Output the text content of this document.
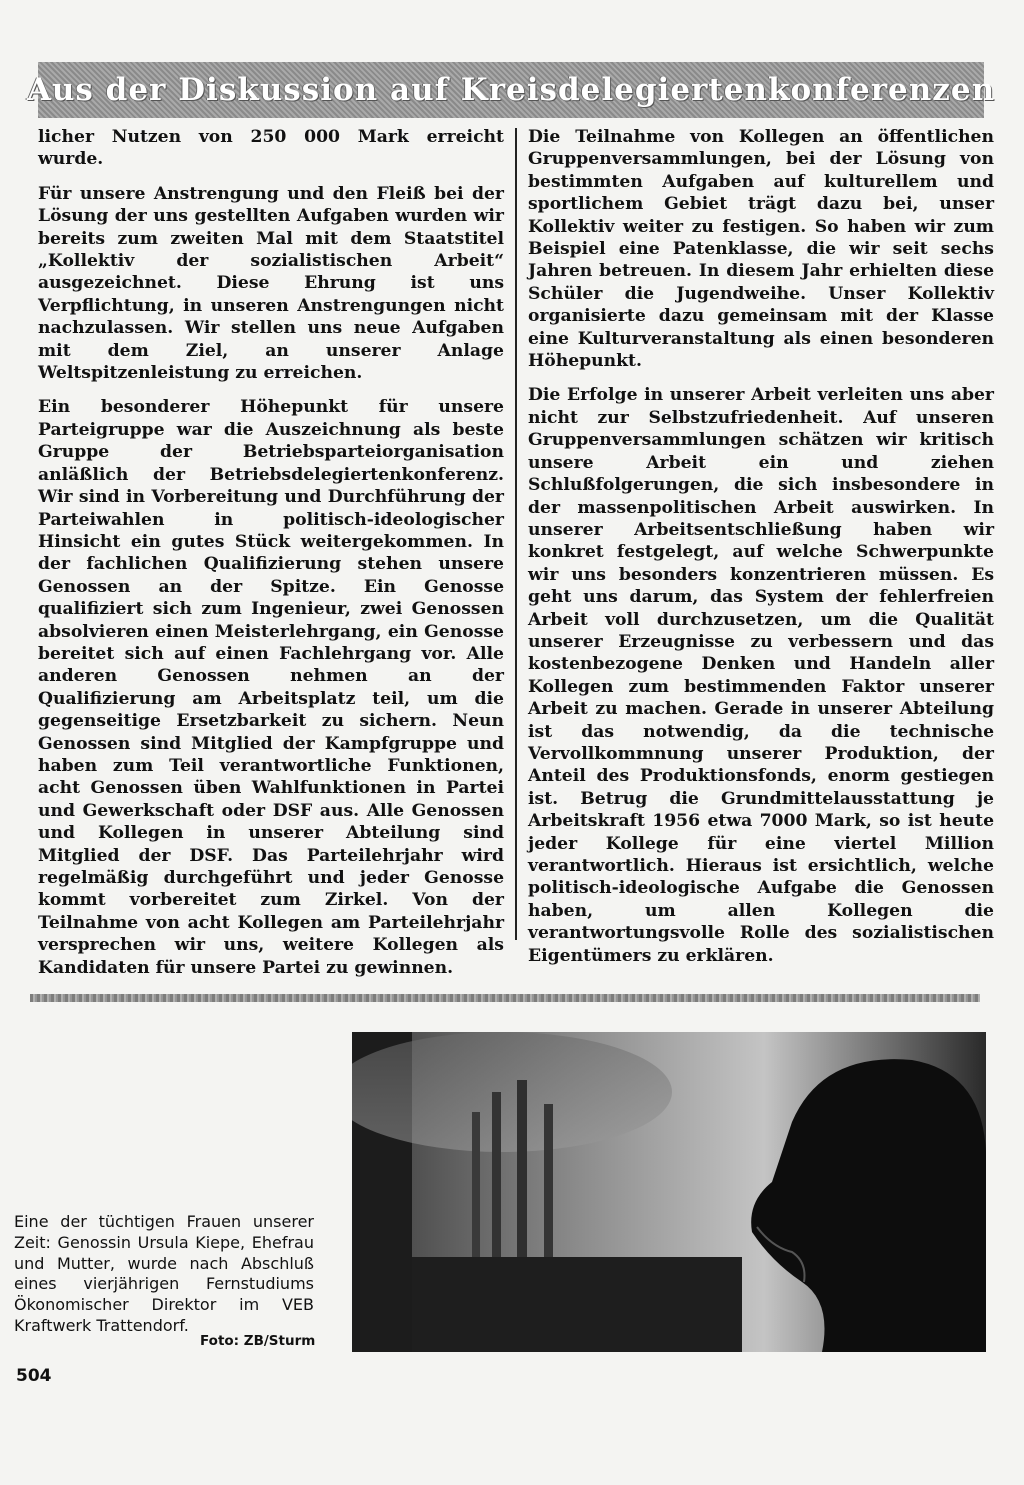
Aus der Diskussion auf Kreisdelegiertenkonferenzen

licher Nutzen von 250 000 Mark erreicht wurde.

Für unsere Anstrengung und den Fleiß bei der Lösung der uns gestellten Aufgaben wurden wir bereits zum zweiten Mal mit dem Staatstitel „Kollektiv der sozialistischen Arbeit“ ausgezeichnet. Diese Ehrung ist uns Verpflichtung, in unseren Anstrengungen nicht nachzulassen. Wir stellen uns neue Aufgaben mit dem Ziel, an unserer Anlage Weltspitzenleistung zu erreichen.

Ein besonderer Höhepunkt für unsere Parteigruppe war die Auszeichnung als beste Gruppe der Betriebsparteiorganisation anläßlich der Betriebsdelegiertenkonferenz. Wir sind in Vorbereitung und Durchführung der Parteiwahlen in politisch-ideologischer Hinsicht ein gutes Stück weitergekommen. In der fachlichen Qualifizierung stehen unsere Genossen an der Spitze. Ein Genosse qualifiziert sich zum Ingenieur, zwei Genossen absolvieren einen Meisterlehrgang, ein Genosse bereitet sich auf einen Fachlehrgang vor. Alle anderen Genossen nehmen an der Qualifizierung am Arbeitsplatz teil, um die gegenseitige Ersetzbarkeit zu sichern. Neun Genossen sind Mitglied der Kampfgruppe und haben zum Teil verantwortliche Funktionen, acht Genossen üben Wahlfunktionen in Partei und Gewerkschaft oder DSF aus. Alle Genossen und Kollegen in unserer Abteilung sind Mitglied der DSF. Das Parteilehrjahr wird regelmäßig durchgeführt und jeder Genosse kommt vorbereitet zum Zirkel. Von der Teilnahme von acht Kollegen am Parteilehrjahr versprechen wir uns, weitere Kollegen als Kandidaten für unsere Partei zu gewinnen.

Die Teilnahme von Kollegen an öffentlichen Gruppenversammlungen, bei der Lösung von bestimmten Aufgaben auf kulturellem und sportlichem Gebiet trägt dazu bei, unser Kollektiv weiter zu festigen. So haben wir zum Beispiel eine Patenklasse, die wir seit sechs Jahren betreuen. In diesem Jahr erhielten diese Schüler die Jugendweihe. Unser Kollektiv organisierte dazu gemeinsam mit der Klasse eine Kulturveranstaltung als einen besonderen Höhepunkt.

Die Erfolge in unserer Arbeit verleiten uns aber nicht zur Selbstzufriedenheit. Auf unseren Gruppenversammlungen schätzen wir kritisch unsere Arbeit ein und ziehen Schlußfolgerungen, die sich insbesondere in der massenpolitischen Arbeit auswirken. In unserer Arbeitsentschließung haben wir konkret festgelegt, auf welche Schwerpunkte wir uns besonders konzentrieren müssen. Es geht uns darum, das System der fehlerfreien Arbeit voll durchzusetzen, um die Qualität unserer Erzeugnisse zu verbessern und das kostenbezogene Denken und Handeln aller Kollegen zum bestimmenden Faktor unserer Arbeit zu machen. Gerade in unserer Abteilung ist das notwendig, da die technische Vervollkommnung unserer Produktion, der Anteil des Produktionsfonds, enorm gestiegen ist. Betrug die Grundmittelausstattung je Arbeitskraft 1956 etwa 7000 Mark, so ist heute jeder Kollege für eine viertel Million verantwortlich. Hieraus ist ersichtlich, welche politisch-ideologische Aufgabe die Genossen haben, um allen Kollegen die verantwortungsvolle Rolle des sozialistischen Eigentümers zu erklären.

Eine der tüchtigen Frauen unserer Zeit: Genossin Ursula Kiepe, Ehefrau und Mutter, wurde nach Abschluß eines vierjährigen Fernstudiums Ökonomischer Direktor im VEB Kraftwerk Trattendorf.
Foto: ZB/Sturm
504
